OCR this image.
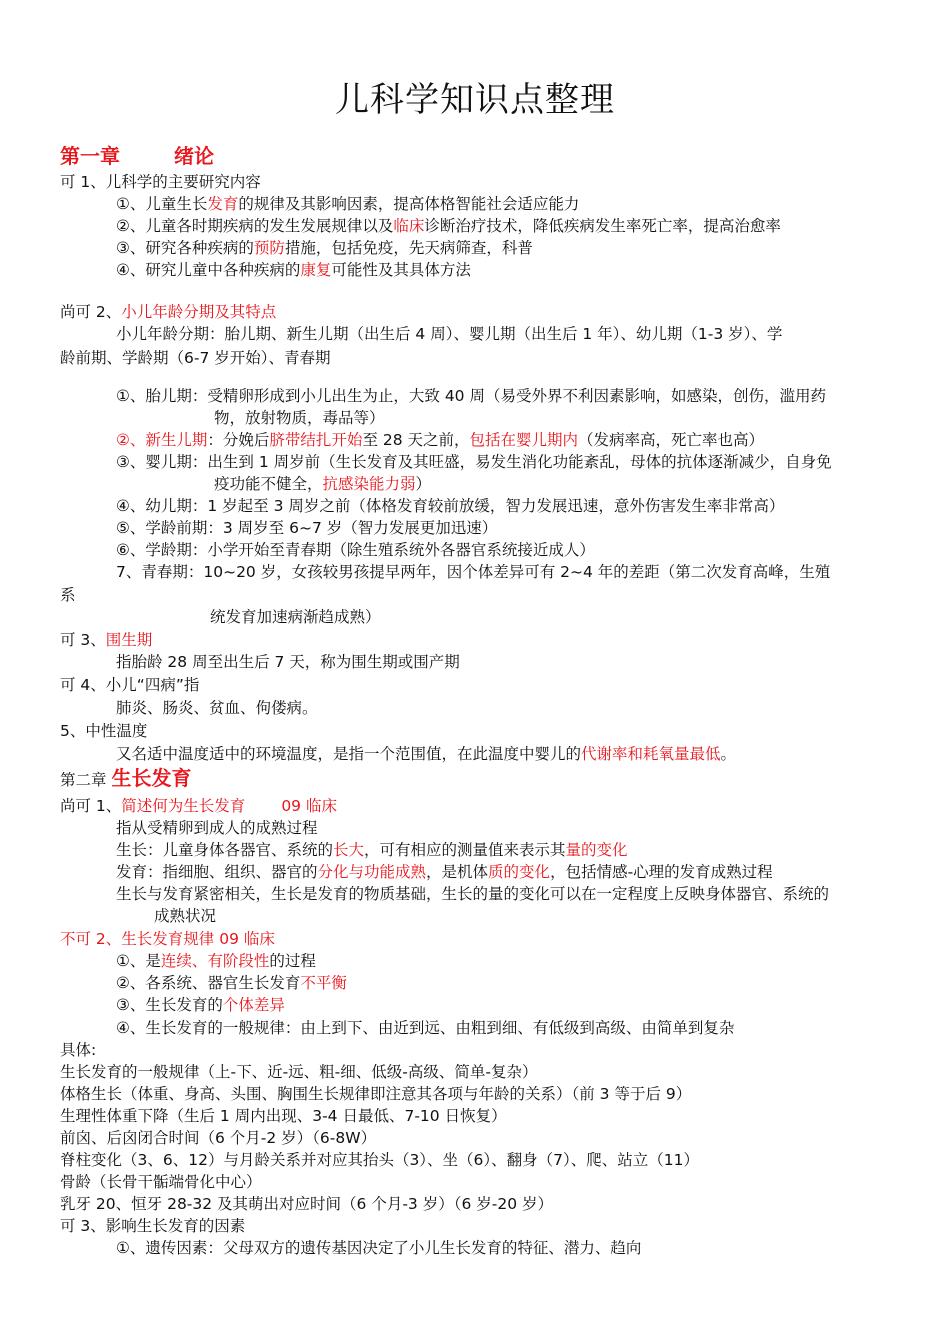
儿科学知识点整理
第一章	绪论
可 1、儿科学的主要研究内容
①、儿童生长发育的规律及其影响因素，提高体格智能社会适应能力
②、儿童各时期疾病的发生发展规律以及临床诊断治疗技术，降低疾病发生率死亡率，提高治愈率
③、研究各种疾病的预防措施，包括免疫，先天病筛查，科普
④、研究儿童中各种疾病的康复可能性及其具体方法
尚可 2、小儿年龄分期及其特点
小儿年龄分期：胎儿期、新生儿期（出生后 4 周）、婴儿期（出生后 1 年）、幼儿期（1-3 岁）、学
龄前期、学龄期（6-7 岁开始）、青春期
①、胎儿期：受精卵形成到小儿出生为止，大致 40 周（易受外界不利因素影响，如感染，创伤，滥用药
物，放射物质，毒品等）
②、新生儿期：分娩后脐带结扎开始至 28 天之前，包括在婴儿期内（发病率高，死亡率也高）
③、婴儿期：出生到 1 周岁前（生长发育及其旺盛，易发生消化功能紊乱，母体的抗体逐渐减少，自身免
疫功能不健全，抗感染能力弱）
④、幼儿期：1 岁起至 3 周岁之前（体格发育较前放缓，智力发展迅速，意外伤害发生率非常高）
⑤、学龄前期：3 周岁至 6~7 岁（智力发展更加迅速）
⑥、学龄期：小学开始至青春期（除生殖系统外各器官系统接近成人）
7、青春期：10~20 岁，女孩较男孩提早两年，因个体差异可有 2~4 年的差距（第二次发育高峰，生殖
系
统发育加速病渐趋成熟）
可 3、围生期
指胎龄 28 周至出生后 7 天，称为围生期或围产期
可 4、小儿“四病”指
肺炎、肠炎、贫血、佝偻病。
5、中性温度
又名适中温度适中的环境温度，是指一个范围值，在此温度中婴儿的代谢率和耗氧量最低。
第二章 生长发育
尚可 1、简述何为生长发育 09 临床
指从受精卵到成人的成熟过程
生长：儿童身体各器官、系统的长大，可有相应的测量值来表示其量的变化
发育：指细胞、组织、器官的分化与功能成熟，是机体质的变化，包括情感-心理的发育成熟过程
生长与发育紧密相关，生长是发育的物质基础，生长的量的变化可以在一定程度上反映身体器官、系统的
成熟状况
不可 2、生长发育规律 09 临床
①、是连续、有阶段性的过程
②、各系统、器官生长发育不平衡
③、生长发育的个体差异
④、生长发育的一般规律：由上到下、由近到远、由粗到细、有低级到高级、由简单到复杂
具体:
生长发育的一般规律（上-下、近-远、粗-细、低级-高级、简单-复杂）
体格生长（体重、身高、头围、胸围生长规律即注意其各项与年龄的关系）（前 3 等于后 9）
生理性体重下降（生后 1 周内出现、3-4 日最低、7-10 日恢复）
前囟、后囟闭合时间（6 个月-2 岁）（6-8W）
脊柱变化（3、6、12）与月龄关系并对应其抬头（3）、坐（6）、翻身（7）、爬、站立（11）
骨龄（长骨干骺端骨化中心）
乳牙 20、恒牙 28-32 及其萌出对应时间（6 个月-3 岁）（6 岁-20 岁）
可 3、影响生长发育的因素
①、遗传因素：父母双方的遗传基因决定了小儿生长发育的特征、潜力、趋向
